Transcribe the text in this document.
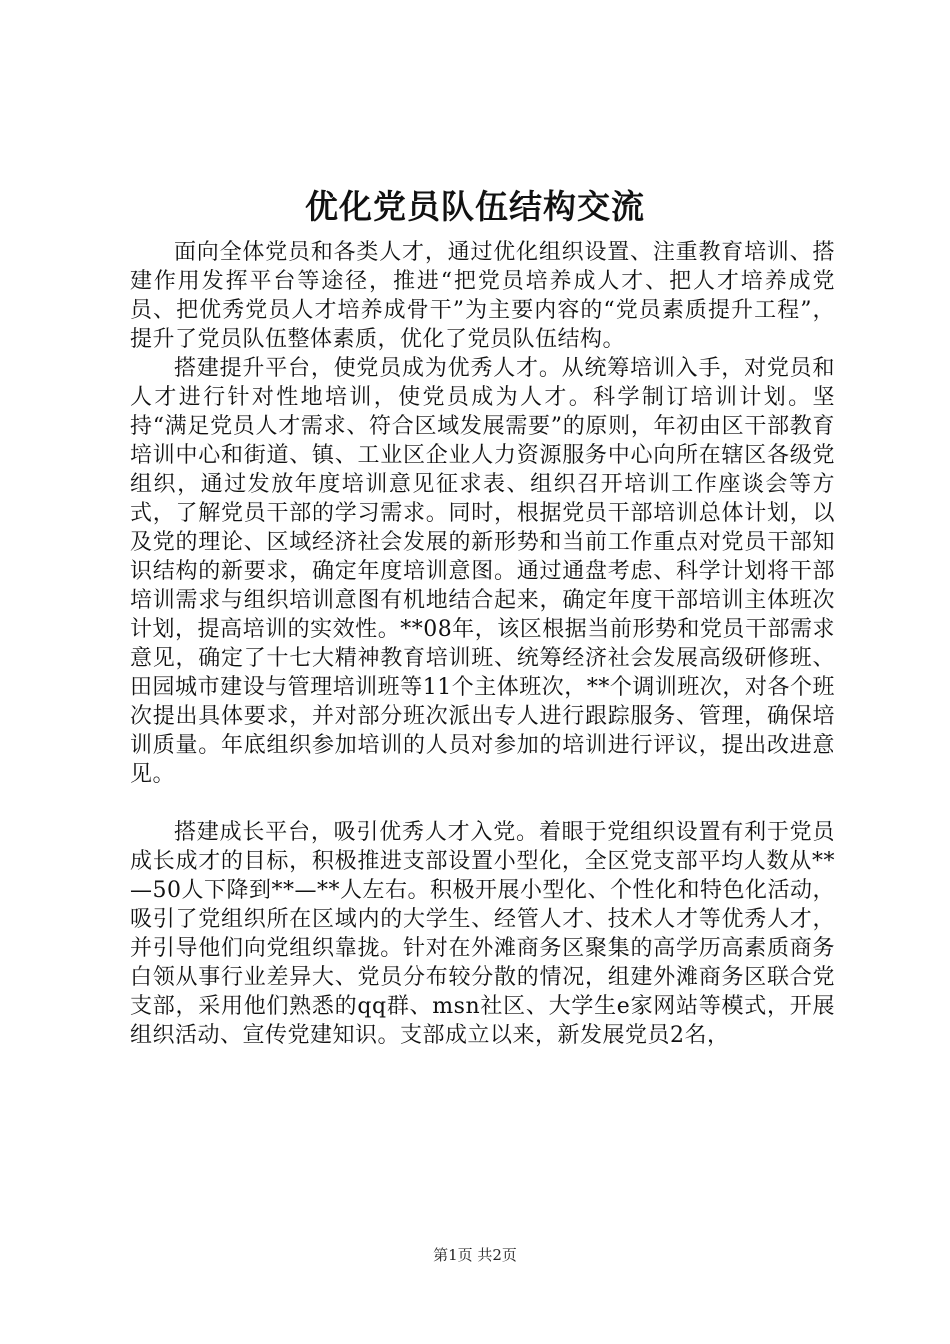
优化党员队伍结构交流

面向全体党员和各类人才，通过优化组织设置、注重教育培训、搭建作用发挥平台等途径，推进“把党员培养成人才、把人才培养成党员、把优秀党员人才培养成骨干”为主要内容的“党员素质提升工程”，提升了党员队伍整体素质，优化了党员队伍结构。

搭建提升平台，使党员成为优秀人才。从统筹培训入手，对党员和人才进行针对性地培训，使党员成为人才。科学制订培训计划。坚持“满足党员人才需求、符合区域发展需要”的原则，年初由区干部教育培训中心和街道、镇、工业区企业人力资源服务中心向所在辖区各级党组织，通过发放年度培训意见征求表、组织召开培训工作座谈会等方式，了解党员干部的学习需求。同时，根据党员干部培训总体计划，以及党的理论、区域经济社会发展的新形势和当前工作重点对党员干部知识结构的新要求，确定年度培训意图。通过通盘考虑、科学计划将干部培训需求与组织培训意图有机地结合起来，确定年度干部培训主体班次计划，提高培训的实效性。**08年，该区根据当前形势和党员干部需求意见，确定了十七大精神教育培训班、统筹经济社会发展高级研修班、田园城市建设与管理培训班等11个主体班次，**个调训班次，对各个班次提出具体要求，并对部分班次派出专人进行跟踪服务、管理，确保培训质量。年底组织参加培训的人员对参加的培训进行评议，提出改进意见。

搭建成长平台，吸引优秀人才入党。着眼于党组织设置有利于党员成长成才的目标，积极推进支部设置小型化，全区党支部平均人数从**—50人下降到**—**人左右。积极开展小型化、个性化和特色化活动，吸引了党组织所在区域内的大学生、经管人才、技术人才等优秀人才，并引导他们向党组织靠拢。针对在外滩商务区聚集的高学历高素质商务白领从事行业差异大、党员分布较分散的情况，组建外滩商务区联合党支部，采用他们熟悉的qq群、msn社区、大学生e家网站等模式，开展组织活动、宣传党建知识。支部成立以来，新发展党员2名，

第1页 共2页
